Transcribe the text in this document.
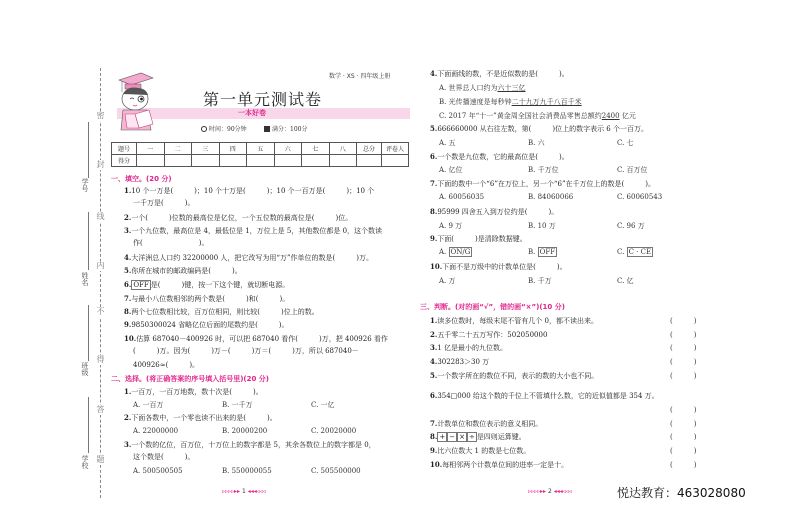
密
封
线
内
不
得
答
题
学号
姓名
班级
学校
数学 · XS · 四年级上册
第一单元测试卷
一本好卷
时间：90分钟	满分：100分
题号	一	二	三	四	五	六	七	八	总分	评卷人
得分										
一、填空。(20 分)
1.10 个一万是(　　　)；10 个十万是(　　　)；10 个一百万是(　　　)；10 个
一千万是(　　　)。
2.一个(　　　)位数的最高位是亿位，一个五位数的最高位是(　　　)位。
3.一个九位数，最高位是 4，最低位是 1，万位上是 5，其他数位都是 0，这个数读
作(　　　　　　　　)。
4.大洋洲总人口约 32200000 人，把它改写为用“万”作单位的数是(　　　)万。
5.你所在城市的邮政编码是(　　　)。
6. OFF 是(　　　)键，按一下这个键，就切断电源。
7.与最小八位数相邻的两个数是(　　　)和(　　　)。
8.两个七位数相比较，百万位相同，则比较(　　　)位上的数。
9.9850300024 省略亿位后面的尾数约是(　　　)。
10.估算 687040－400926 时，可以把 687040 看作(　　　)万，把 400926 看作
(　　　)万。因为(　　　)万－(　　　)万＝(　　　)万，所以 687040－
400926≈(　　　)。
二、选择。(将正确答案的序号填入括号里)(20 分)
1.一百万，一百万地数，数十次是(　　　)。
A. 一百万	B. 一千万	C. 一亿
2.下面各数中，一个零也读不出来的是(　　　)。
A. 22000000	B. 20000200	C. 20020000
3.一个数的亿位，百万位，十万位上的数字都是 5，其余各数位上的数字都是 0，
这个数是(　　　)。
A. 500500505	B. 550000055	C. 505500000
▹▹▹▹▸▸ 1 ◂◂◂◃◃◃
4.下面画线的数，不是近似数的是(　　　)。
A. 世界总人口约为六十三亿
B. 光传播速度是每秒钟二十九万九千八百千米
C. 2017 年“十一”黄金周全国社会消费品零售总额约2400 亿元
5.666660000 从右往左数，第(　　　)位上的数字表示 6 个一百万。
A. 五	B. 六	C. 七
6.一个数是九位数，它的最高位是(　　　)。
A. 亿位	B. 千万位	C. 百万位
7.下面的数中一个“6”在万位上，另一个“6”在千万位上的数是(　　　)。
A. 60056035	B. 84060066	C. 60060543
8.95999 四舍五入到万位约是(　　　)。
A. 9 万	B. 10 万	C. 96 万
9.下面(　　　)是清除数据键。
A. ON/G	B. OFF	C. C · CE
10.下面不是万级中的计数单位是(　　　)。
A. 万	B. 千万	C. 亿
三、判断。(对的画“√”，错的画“×”)(10 分)
1.读多位数时，每级末尾不管有几个 0，都不读出来。	(　　　)
2.五千零二十五万写作：502050000	(　　　)
3.1 亿是最小的九位数。	(　　　)
4.302283＞30 万	(　　　)
5.一个数字所在的数位不同，表示的数的大小也不同。	(　　　)
6.354□000 给这个数的千位上不管填什么数，它的近似值都是 354 万。
(　　　)
7.计数单位和数位表示的意义相同。	(　　　)
8. + − × ÷ 是四则运算键。	(　　　)
9.比六位数大 1 的数是七位数。	(　　　)
10.每相邻两个计数单位间的进率一定是十。	(　　　)
▹▹▹▹▸▸ 2 ◂◂◂◃◃◃	悦达教育：463028080
